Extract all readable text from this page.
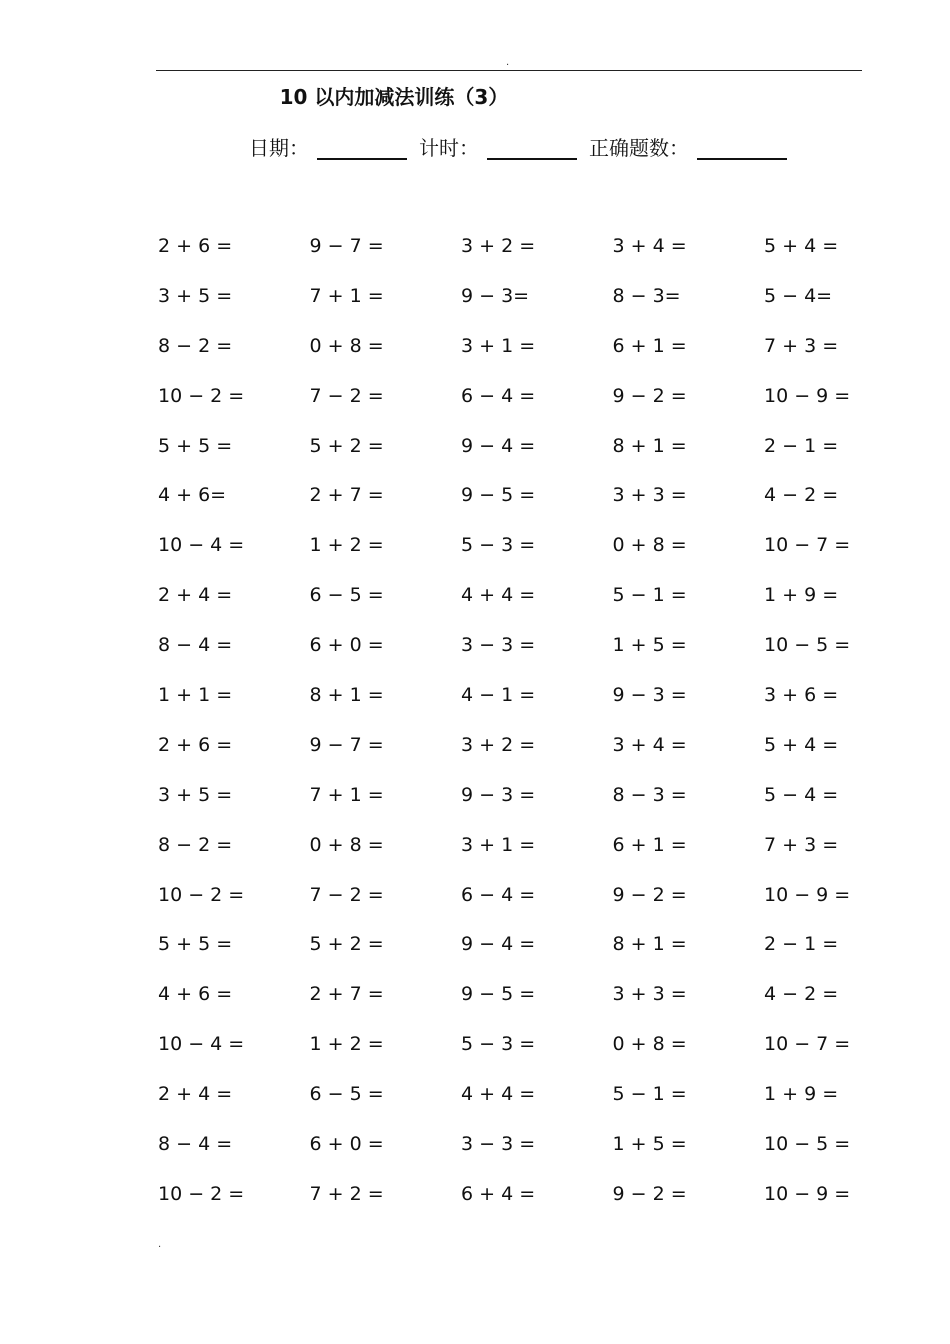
.
10 以内加减法训练（3）
日期：	计时：	正确题数：
2 + 6 =	9 − 7 =	3 + 2 =	3 + 4 =	5 + 4 =
3 + 5 =	7 + 1 =	9 − 3=	8 − 3=	5 − 4=
8 − 2 =	0 + 8 =	3 + 1 =	6 + 1 =	7 + 3 =
10 − 2 =	7 − 2 =	6 − 4 =	9 − 2 =	10 − 9 =
5 + 5 =	5 + 2 =	9 − 4 =	8 + 1 =	2 − 1 =
4 + 6=	2 + 7 =	9 − 5 =	3 + 3 =	4 − 2 =
10 − 4 =	1 + 2 =	5 − 3 =	0 + 8 =	10 − 7 =
2 + 4 =	6 − 5 =	4 + 4 =	5 − 1 =	1 + 9 =
8 − 4 =	6 + 0 =	3 − 3 =	1 + 5 =	10 − 5 =
1 + 1 =	8 + 1 =	4 − 1 =	9 − 3 =	3 + 6 =
2 + 6 =	9 − 7 =	3 + 2 =	3 + 4 =	5 + 4 =
3 + 5 =	7 + 1 =	9 − 3 =	8 − 3 =	5 − 4 =
8 − 2 =	0 + 8 =	3 + 1 =	6 + 1 =	7 + 3 =
10 − 2 =	7 − 2 =	6 − 4 =	9 − 2 =	10 − 9 =
5 + 5 =	5 + 2 =	9 − 4 =	8 + 1 =	2 − 1 =
4 + 6 =	2 + 7 =	9 − 5 =	3 + 3 =	4 − 2 =
10 − 4 =	1 + 2 =	5 − 3 =	0 + 8 =	10 − 7 =
2 + 4 =	6 − 5 =	4 + 4 =	5 − 1 =	1 + 9 =
8 − 4 =	6 + 0 =	3 − 3 =	1 + 5 =	10 − 5 =
10 − 2 =	7 + 2 =	6 + 4 =	9 − 2 =	10 − 9 =
.
